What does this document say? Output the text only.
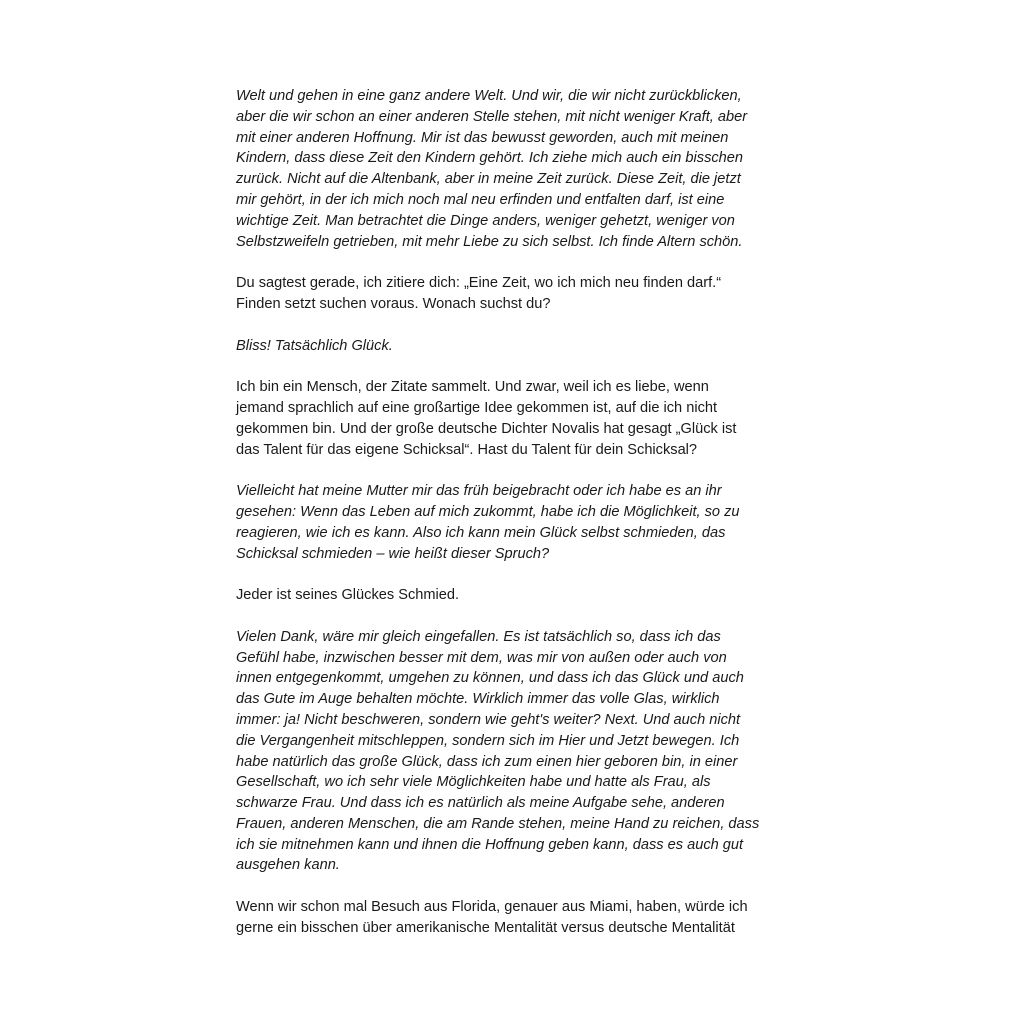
Welt und gehen in eine ganz andere Welt. Und wir, die wir nicht zurückblicken,
aber die wir schon an einer anderen Stelle stehen, mit nicht weniger Kraft, aber
mit einer anderen Hoffnung. Mir ist das bewusst geworden, auch mit meinen
Kindern, dass diese Zeit den Kindern gehört. Ich ziehe mich auch ein bisschen
zurück. Nicht auf die Altenbank, aber in meine Zeit zurück. Diese Zeit, die jetzt
mir gehört, in der ich mich noch mal neu erfinden und entfalten darf, ist eine
wichtige Zeit. Man betrachtet die Dinge anders, weniger gehetzt, weniger von
Selbstzweifeln getrieben, mit mehr Liebe zu sich selbst. Ich finde Altern schön.

Du sagtest gerade, ich zitiere dich: „Eine Zeit, wo ich mich neu finden darf.“
Finden setzt suchen voraus. Wonach suchst du?

Bliss! Tatsächlich Glück.

Ich bin ein Mensch, der Zitate sammelt. Und zwar, weil ich es liebe, wenn
jemand sprachlich auf eine großartige Idee gekommen ist, auf die ich nicht
gekommen bin. Und der große deutsche Dichter Novalis hat gesagt „Glück ist
das Talent für das eigene Schicksal“. Hast du Talent für dein Schicksal?

Vielleicht hat meine Mutter mir das früh beigebracht oder ich habe es an ihr
gesehen: Wenn das Leben auf mich zukommt, habe ich die Möglichkeit, so zu
reagieren, wie ich es kann. Also ich kann mein Glück selbst schmieden, das
Schicksal schmieden – wie heißt dieser Spruch?

Jeder ist seines Glückes Schmied.

Vielen Dank, wäre mir gleich eingefallen. Es ist tatsächlich so, dass ich das
Gefühl habe, inzwischen besser mit dem, was mir von außen oder auch von
innen entgegenkommt, umgehen zu können, und dass ich das Glück und auch
das Gute im Auge behalten möchte. Wirklich immer das volle Glas, wirklich
immer: ja! Nicht beschweren, sondern wie geht's weiter? Next. Und auch nicht
die Vergangenheit mitschleppen, sondern sich im Hier und Jetzt bewegen. Ich
habe natürlich das große Glück, dass ich zum einen hier geboren bin, in einer
Gesellschaft, wo ich sehr viele Möglichkeiten habe und hatte als Frau, als
schwarze Frau. Und dass ich es natürlich als meine Aufgabe sehe, anderen
Frauen, anderen Menschen, die am Rande stehen, meine Hand zu reichen, dass
ich sie mitnehmen kann und ihnen die Hoffnung geben kann, dass es auch gut
ausgehen kann.

Wenn wir schon mal Besuch aus Florida, genauer aus Miami, haben, würde ich
gerne ein bisschen über amerikanische Mentalität versus deutsche Mentalität
